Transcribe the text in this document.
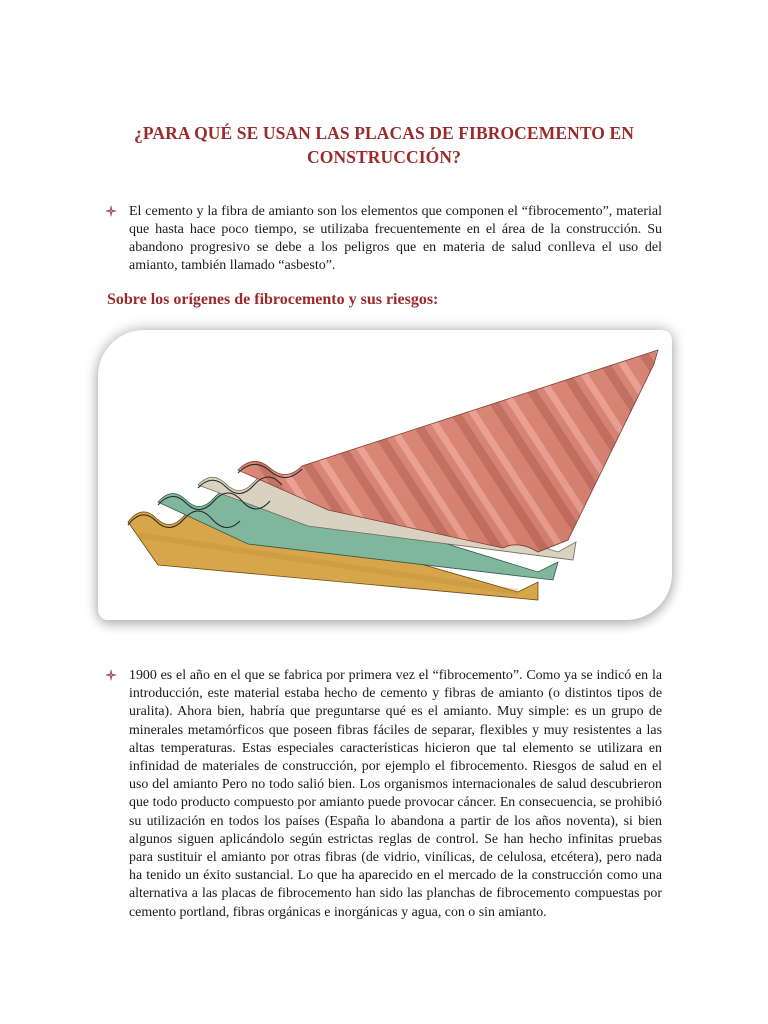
¿PARA QUÉ SE USAN LAS PLACAS DE FIBROCEMENTO EN CONSTRUCCIÓN?
El cemento y la fibra de amianto son los elementos que componen el “fibrocemento”, material que hasta hace poco tiempo, se utilizaba frecuentemente en el área de la construcción. Su abandono progresivo se debe a los peligros que en materia de salud conlleva el uso del amianto, también llamado “asbesto”.
Sobre los orígenes de fibrocemento y sus riesgos:
1900 es el año en el que se fabrica por primera vez el “fibrocemento”. Como ya se indicó en la introducción, este material estaba hecho de cemento y fibras de amianto (o distintos tipos de uralita). Ahora bien, habría que preguntarse qué es el amianto. Muy simple: es un grupo de minerales metamórficos que poseen fibras fáciles de separar, flexibles y muy resistentes a las altas temperaturas. Estas especiales características hicieron que tal elemento se utilizara en infinidad de materiales de construcción, por ejemplo el fibrocemento. Riesgos de salud en el uso del amianto Pero no todo salió bien. Los organismos internacionales de salud descubrieron que todo producto compuesto por amianto puede provocar cáncer. En consecuencia, se prohibió su utilización en todos los países (España lo abandona a partir de los años noventa), si bien algunos siguen aplicándolo según estrictas reglas de control. Se han hecho infinitas pruebas para sustituir el amianto por otras fibras (de vidrio, vinílicas, de celulosa, etcétera), pero nada ha tenido un éxito sustancial. Lo que ha aparecido en el mercado de la construcción como una alternativa a las placas de fibrocemento han sido las planchas de fibrocemento compuestas por cemento portland, fibras orgánicas e inorgánicas y agua, con o sin amianto.
